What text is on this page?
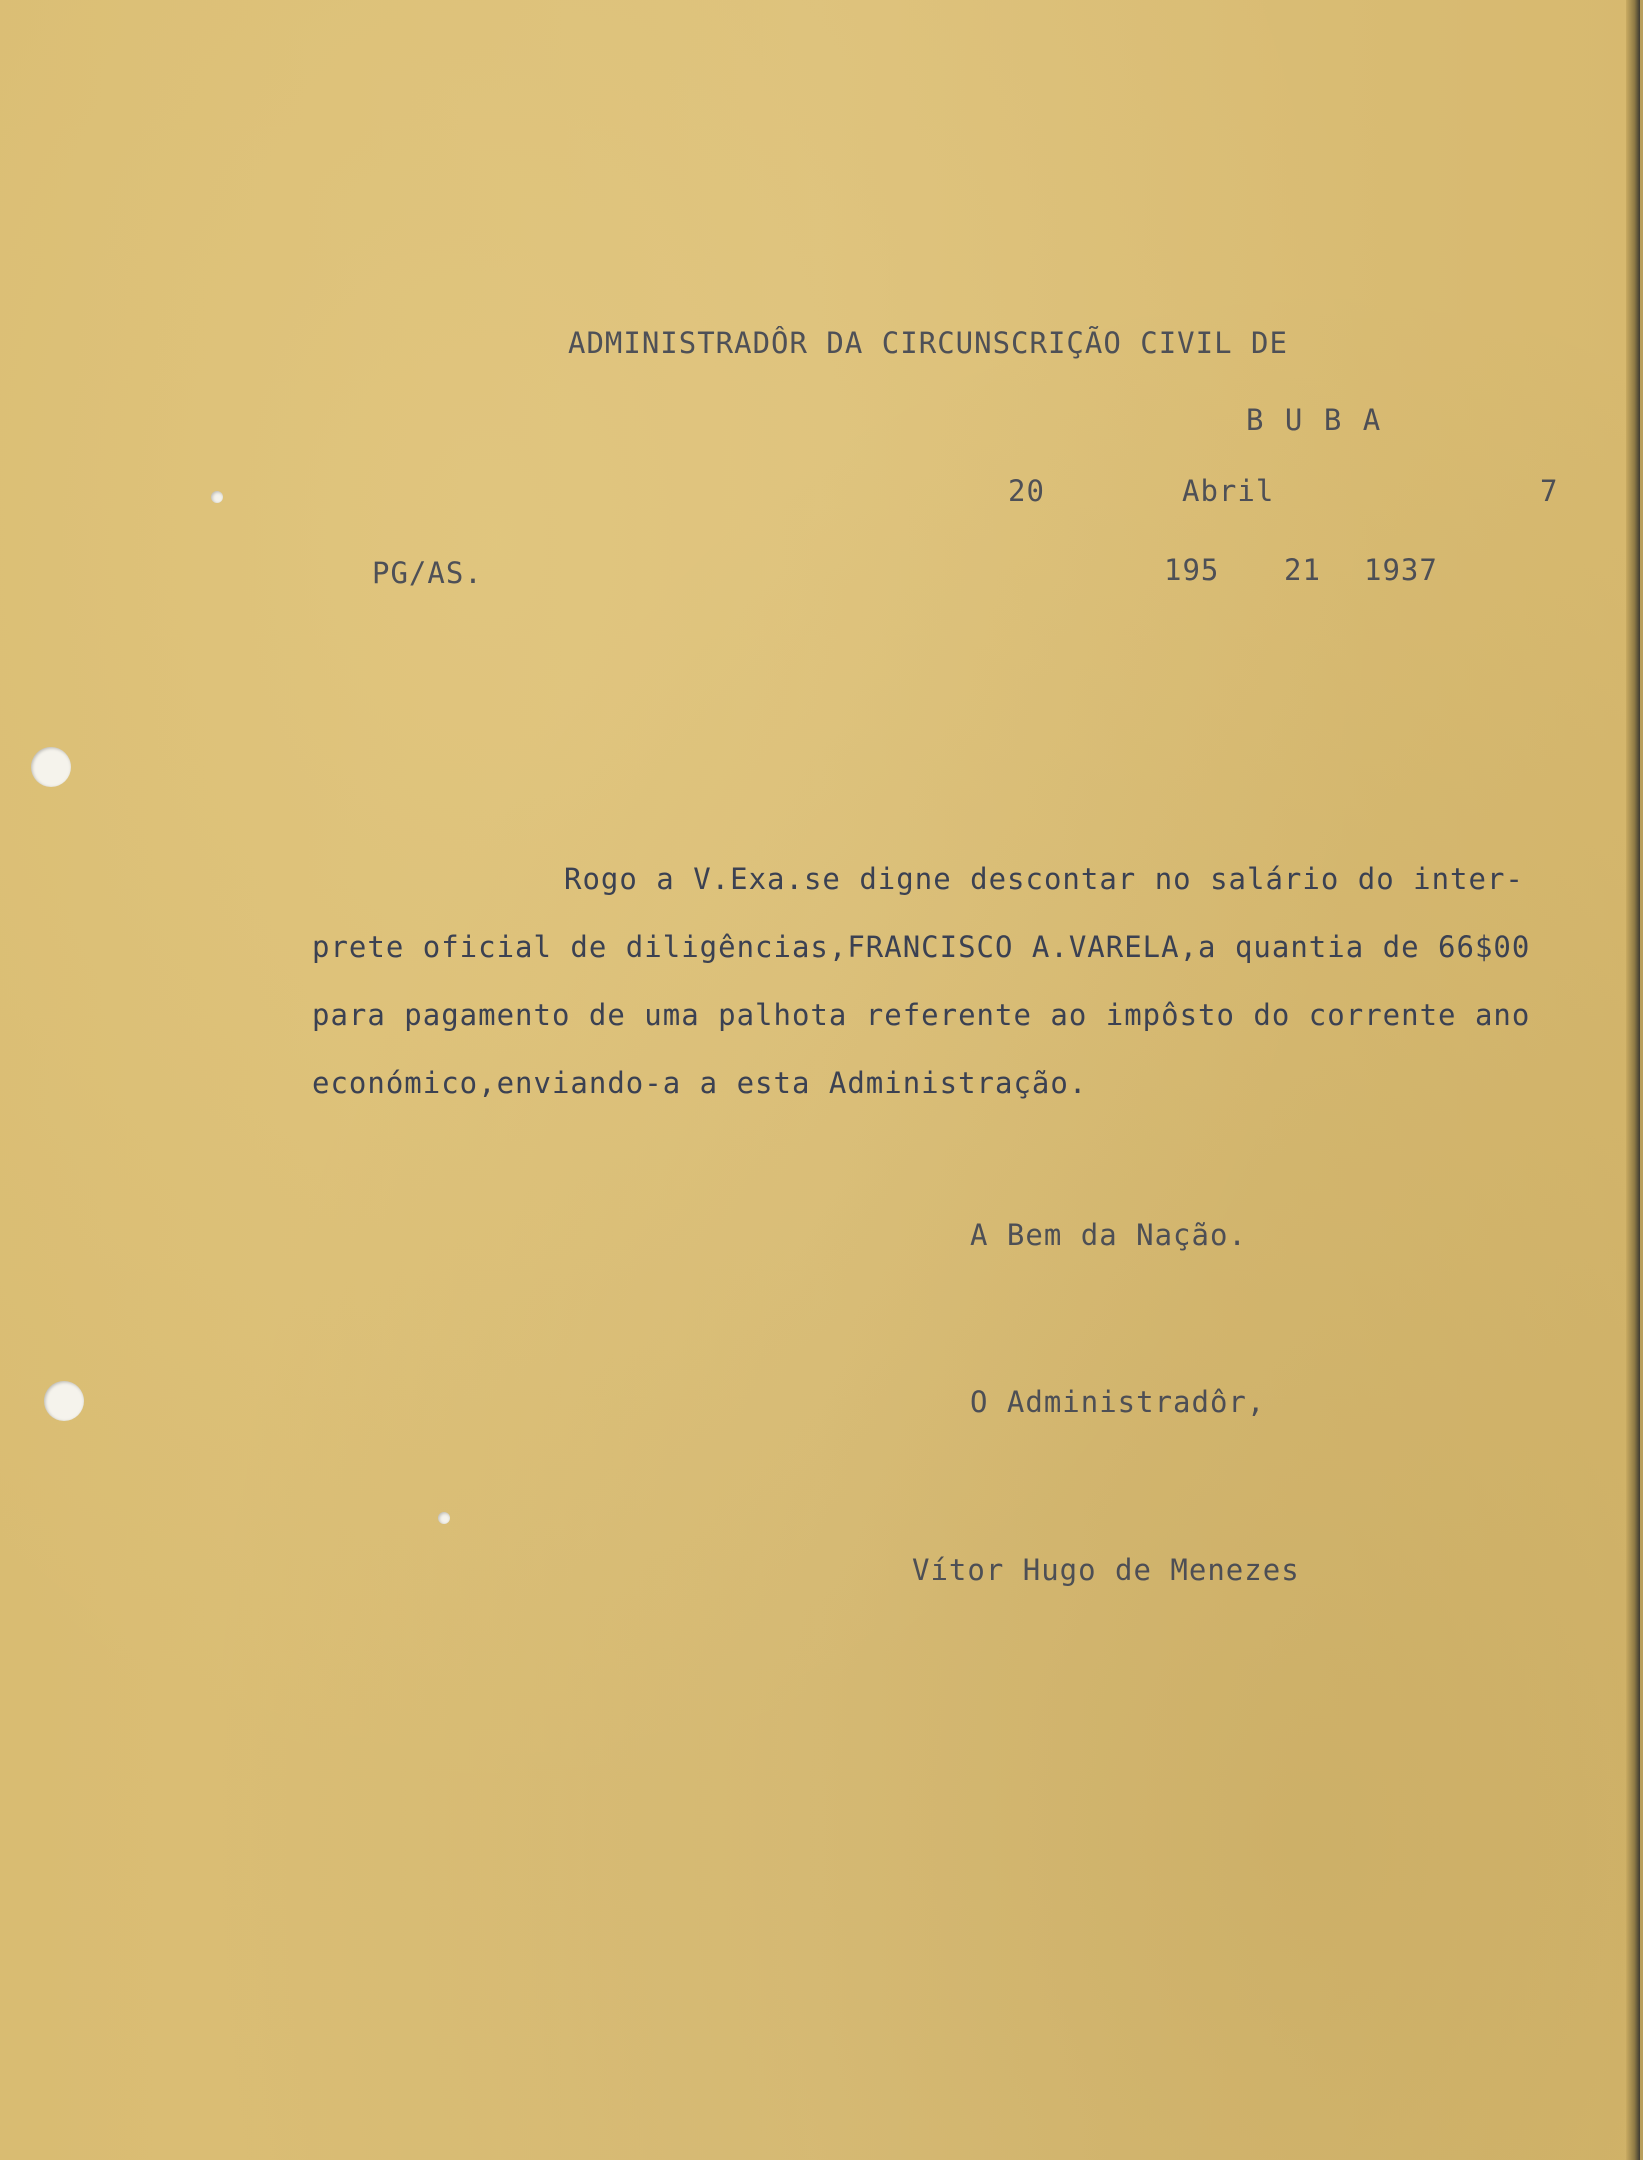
ADMINISTRADÔR DA CIRCUNSCRIÇÃO CIVIL DE
B U B A
20	Abril	7
PG/AS.	195 21 1937
Rogo a V.Exa.se digne descontar no salário do inter-
prete oficial de diligências,FRANCISCO A.VARELA,a quantia de 66$00
para pagamento de uma palhota referente ao impôsto do corrente ano
económico,enviando-a a esta Administração.
A Bem da Nação.
O Administradôr,
Vítor Hugo de Menezes
